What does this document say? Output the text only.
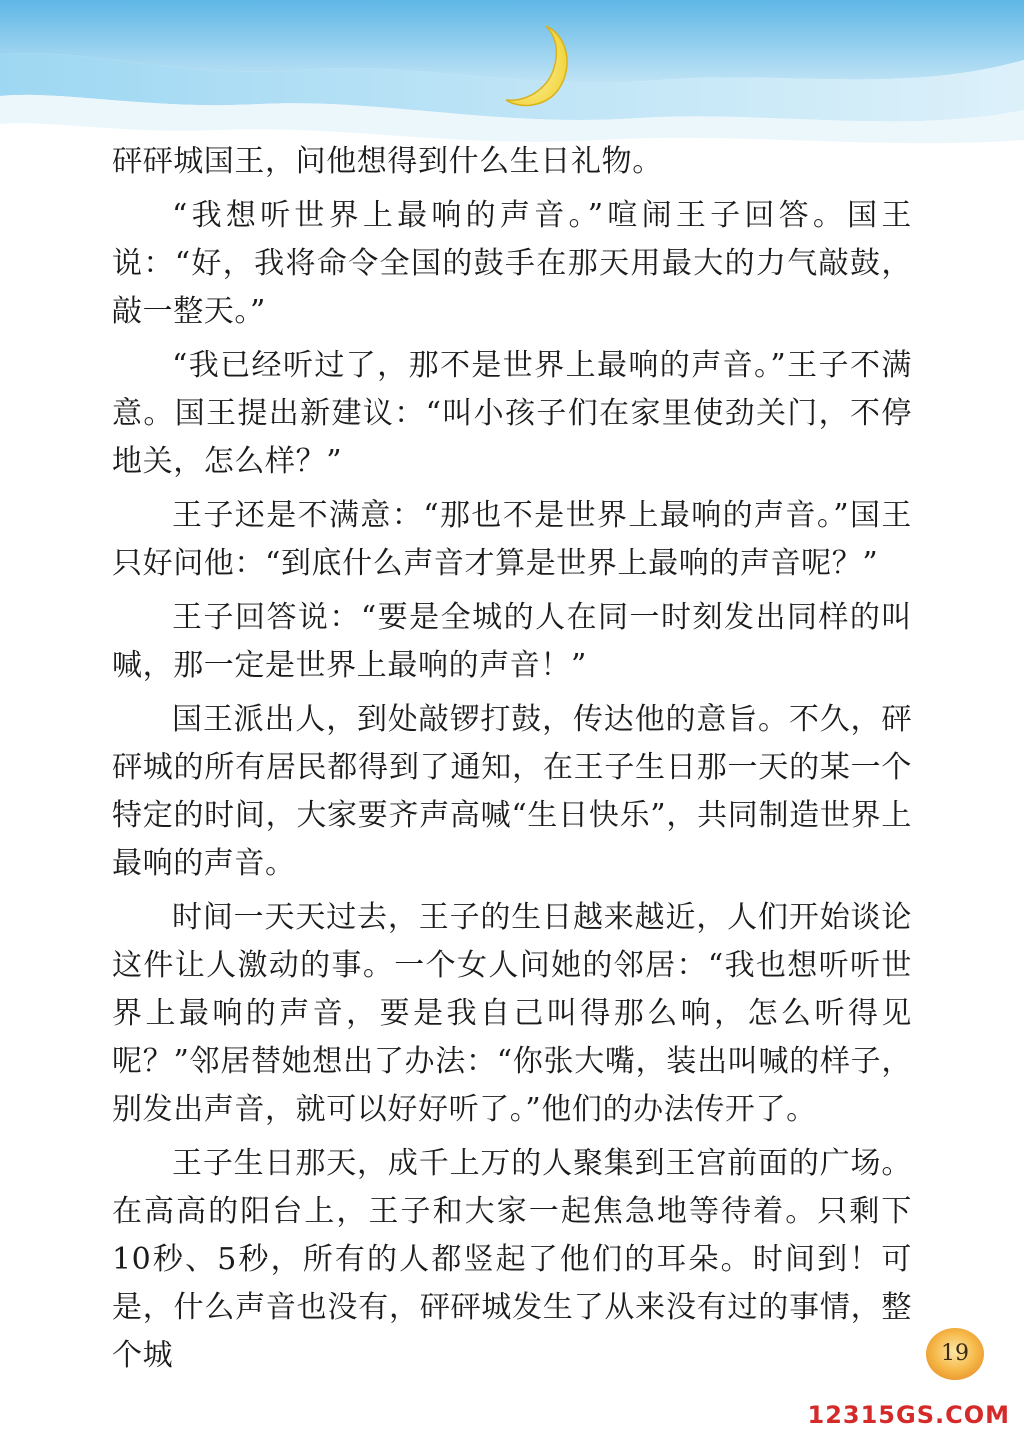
砰砰城国王，问他想得到什么生日礼物。

“我想听世界上最响的声音。”喧闹王子回答。国王说：“好，我将命令全国的鼓手在那天用最大的力气敲鼓，敲一整天。”

“我已经听过了，那不是世界上最响的声音。”王子不满意。国王提出新建议：“叫小孩子们在家里使劲关门，不停地关，怎么样？”

王子还是不满意：“那也不是世界上最响的声音。”国王只好问他：“到底什么声音才算是世界上最响的声音呢？”

王子回答说：“要是全城的人在同一时刻发出同样的叫喊，那一定是世界上最响的声音！”

国王派出人，到处敲锣打鼓，传达他的意旨。不久，砰砰城的所有居民都得到了通知，在王子生日那一天的某一个特定的时间，大家要齐声高喊“生日快乐”，共同制造世界上最响的声音。

时间一天天过去，王子的生日越来越近，人们开始谈论这件让人激动的事。一个女人问她的邻居：“我也想听听世界上最响的声音，要是我自己叫得那么响，怎么听得见呢？”邻居替她想出了办法：“你张大嘴，装出叫喊的样子，别发出声音，就可以好好听了。”他们的办法传开了。

王子生日那天，成千上万的人聚集到王宫前面的广场。在高高的阳台上，王子和大家一起焦急地等待着。只剩下10秒、5秒，所有的人都竖起了他们的耳朵。时间到！可是，什么声音也没有，砰砰城发生了从来没有过的事情，整个城	19
12315GS.COM
